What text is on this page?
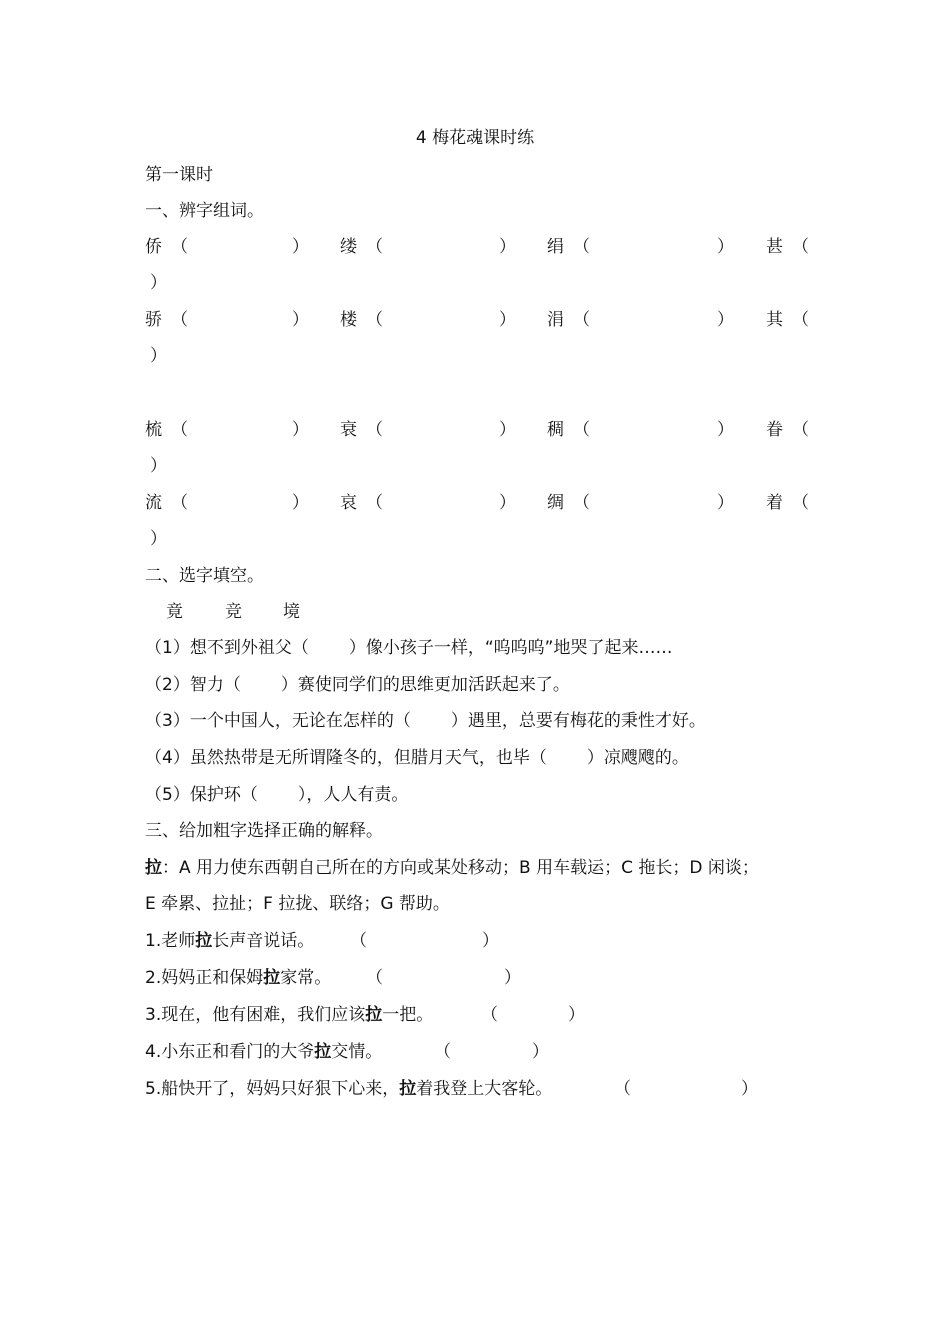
4 梅花魂课时练
第一课时
一、辨字组词。
侨 （	） 缕 （	） 绢 （	） 甚 （
）
骄 （	） 楼 （	） 涓 （	） 其 （
）
梳 （	） 衰 （	） 稠 （	） 眷 （
）
流 （	） 哀 （	） 绸 （	） 着 （
）
二、选字填空。
竟 竞 境
（1）想不到外祖父（ ）像小孩子一样，“呜呜呜”地哭了起来……
（2）智力（ ）赛使同学们的思维更加活跃起来了。
（3）一个中国人，无论在怎样的（ ）遇里，总要有梅花的秉性才好。
（4）虽然热带是无所谓隆冬的，但腊月天气，也毕（ ）凉飕飕的。
（5）保护环（ ），人人有责。
三、给加粗字选择正确的解释。
拉：A 用力使东西朝自己所在的方向或某处移动；B 用车载运；C 拖长；D 闲谈；
E 牵累、拉扯；F 拉拢、联络；G 帮助。
1.老师拉长声音说话。 （	）
2.妈妈正和保姆拉家常。 （	）
3.现在，他有困难，我们应该拉一把。	（	）
4.小东正和看门的大爷拉交情。	（	）
5.船快开了，妈妈只好狠下心来，拉着我登上大客轮。	（	）
